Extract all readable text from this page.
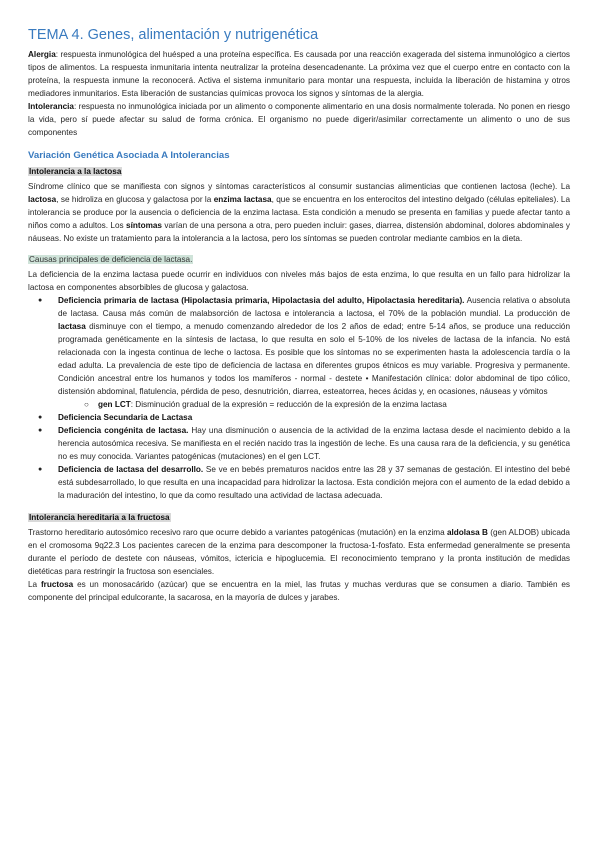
TEMA 4. Genes, alimentación y nutrigenética

Alergia: respuesta inmunológica del huésped a una proteína específica. Es causada por una reacción exagerada del sistema inmunológico a ciertos tipos de alimentos. La respuesta inmunitaria intenta neutralizar la proteína desencadenante. La próxima vez que el cuerpo entre en contacto con la proteína, la respuesta inmune la reconocerá. Activa el sistema inmunitario para montar una respuesta, incluida la liberación de histamina y otros mediadores inmunitarios. Esta liberación de sustancias químicas provoca los signos y síntomas de la alergia.

Intolerancia: respuesta no inmunológica iniciada por un alimento o componente alimentario en una dosis normalmente tolerada. No ponen en riesgo la vida, pero sí puede afectar su salud de forma crónica. El organismo no puede digerir/asimilar correctamente un alimento o uno de sus componentes

Variación Genética Asociada A Intolerancias
Intolerancia a la lactosa

Síndrome clínico que se manifiesta con signos y síntomas característicos al consumir sustancias alimenticias que contienen lactosa (leche). La lactosa, se hidroliza en glucosa y galactosa por la enzima lactasa, que se encuentra en los enterocitos del intestino delgado (células epiteliales). La intolerancia se produce por la ausencia o deficiencia de la enzima lactasa. Esta condición a menudo se presenta en familias y puede afectar tanto a niños como a adultos. Los síntomas varían de una persona a otra, pero pueden incluir: gases, diarrea, distensión abdominal, dolores abdominales y náuseas. No existe un tratamiento para la intolerancia a la lactosa, pero los síntomas se pueden controlar mediante cambios en la dieta.

Causas principales de deficiencia de lactasa.

La deficiencia de la enzima lactasa puede ocurrir en individuos con niveles más bajos de esta enzima, lo que resulta en un fallo para hidrolizar la lactosa en componentes absorbibles de glucosa y galactosa.

● Deficiencia primaria de lactasa (Hipolactasia primaria, Hipolactasia del adulto, Hipolactasia hereditaria). Ausencia relativa o absoluta de lactasa. Causa más común de malabsorción de lactosa e intolerancia a lactosa, el 70% de la población mundial. La producción de lactasa disminuye con el tiempo, a menudo comenzando alrededor de los 2 años de edad; entre 5-14 años, se produce una reducción programada genéticamente en la síntesis de lactasa, lo que resulta en solo el 5-10% de los niveles de lactasa de la infancia. No está relacionada con la ingesta continua de leche o lactosa. Es posible que los síntomas no se experimenten hasta la adolescencia tardía o la edad adulta. La prevalencia de este tipo de deficiencia de lactasa en diferentes grupos étnicos es muy variable. Progresiva y permanente. Condición ancestral entre los humanos y todos los mamíferos - normal - destete • Manifestación clínica: dolor abdominal de tipo cólico, distensión abdominal, flatulencia, pérdida de peso, desnutrición, diarrea, esteatorrea, heces ácidas y, en ocasiones, náuseas y vómitos
○ gen LCT: Disminución gradual de la expresión = reducción de la expresión de la enzima lactasa
● Deficiencia Secundaria de Lactasa
● Deficiencia congénita de lactasa. Hay una disminución o ausencia de la actividad de la enzima lactasa desde el nacimiento debido a la herencia autosómica recesiva. Se manifiesta en el recién nacido tras la ingestión de leche. Es una causa rara de la deficiencia, y su genética no es muy conocida. Variantes patogénicas (mutaciones) en el gen LCT.
● Deficiencia de lactasa del desarrollo. Se ve en bebés prematuros nacidos entre las 28 y 37 semanas de gestación. El intestino del bebé está subdesarrollado, lo que resulta en una incapacidad para hidrolizar la lactosa. Esta condición mejora con el aumento de la edad debido a la maduración del intestino, lo que da como resultado una actividad de lactasa adecuada.
Intolerancia hereditaria a la fructosa

Trastorno hereditario autosómico recesivo raro que ocurre debido a variantes patogénicas (mutación) en la enzima aldolasa B (gen ALDOB) ubicada en el cromosoma 9q22.3 Los pacientes carecen de la enzima para descomponer la fructosa-1-fosfato. Esta enfermedad generalmente se presenta durante el período de destete con náuseas, vómitos, ictericia e hipoglucemia. El reconocimiento temprano y la pronta institución de medidas dietéticas para restringir la fructosa son esenciales.

La fructosa es un monosacárido (azúcar) que se encuentra en la miel, las frutas y muchas verduras que se consumen a diario. También es componente del principal edulcorante, la sacarosa, en la mayoría de dulces y jarabes.
